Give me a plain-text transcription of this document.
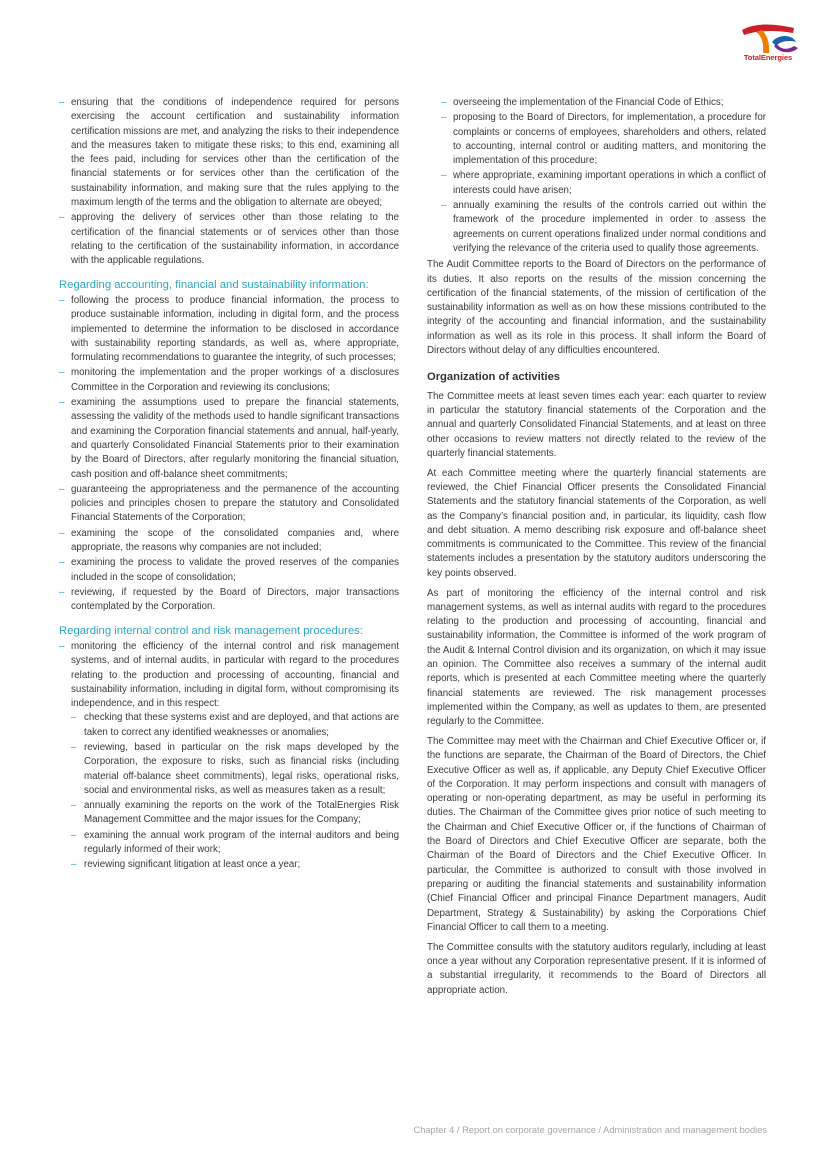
TotalEnergies
– ensuring that the conditions of independence required for persons exercising the account certification and sustainability information certification missions are met, and analyzing the risks to their independence and the measures taken to mitigate these risks; to this end, examining all the fees paid, including for services other than the certification of the financial statements or for services other than the certification of the sustainability information, and making sure that the rules applying to the maximum length of the terms and the obligation to alternate are obeyed;
– approving the delivery of services other than those relating to the certification of the financial statements or of services other than those relating to the certification of the sustainability information, in accordance with the applicable regulations.
Regarding accounting, financial and sustainability information:
– following the process to produce financial information, the process to produce sustainable information, including in digital form, and the process implemented to determine the information to be disclosed in accordance with sustainability reporting standards, as well as, where appropriate, formulating recommendations to guarantee the integrity, of such processes;
– monitoring the implementation and the proper workings of a disclosures Committee in the Corporation and reviewing its conclusions;
– examining the assumptions used to prepare the financial statements, assessing the validity of the methods used to handle significant transactions and examining the Corporation financial statements and annual, half-yearly, and quarterly Consolidated Financial Statements prior to their examination by the Board of Directors, after regularly monitoring the financial situation, cash position and off-balance sheet commitments;
– guaranteeing the appropriateness and the permanence of the accounting policies and principles chosen to prepare the statutory and Consolidated Financial Statements of the Corporation;
– examining the scope of the consolidated companies and, where appropriate, the reasons why companies are not included;
– examining the process to validate the proved reserves of the companies included in the scope of consolidation;
– reviewing, if requested by the Board of Directors, major transactions contemplated by the Corporation.
Regarding internal control and risk management procedures:
– monitoring the efficiency of the internal control and risk management systems, and of internal audits, in particular with regard to the procedures relating to the production and processing of accounting, financial and sustainability information, including in digital form, without compromising its independence, and in this respect:
– checking that these systems exist and are deployed, and that actions are taken to correct any identified weaknesses or anomalies;
– reviewing, based in particular on the risk maps developed by the Corporation, the exposure to risks, such as financial risks (including material off-balance sheet commitments), legal risks, operational risks, social and environmental risks, as well as measures taken as a result;
– annually examining the reports on the work of the TotalEnergies Risk Management Committee and the major issues for the Company;
– examining the annual work program of the internal auditors and being regularly informed of their work;
– reviewing significant litigation at least once a year;
– overseeing the implementation of the Financial Code of Ethics;
– proposing to the Board of Directors, for implementation, a procedure for complaints or concerns of employees, shareholders and others, related to accounting, internal control or auditing matters, and monitoring the implementation of this procedure;
– where appropriate, examining important operations in which a conflict of interests could have arisen;
– annually examining the results of the controls carried out within the framework of the procedure implemented in order to assess the agreements on current operations finalized under normal conditions and verifying the relevance of the criteria used to qualify those agreements.

The Audit Committee reports to the Board of Directors on the performance of its duties. It also reports on the results of the mission concerning the certification of the financial statements, of the mission of certification of the sustainability information as well as on how these missions contributed to the integrity of the accounting and financial information, and the sustainability information as well as its role in this process. It shall inform the Board of Directors without delay of any difficulties encountered.

Organization of activities

The Committee meets at least seven times each year: each quarter to review in particular the statutory financial statements of the Corporation and the annual and quarterly Consolidated Financial Statements, and at least on three other occasions to review matters not directly related to the review of the quarterly financial statements.

At each Committee meeting where the quarterly financial statements are reviewed, the Chief Financial Officer presents the Consolidated Financial Statements and the statutory financial statements of the Corporation, as well as the Company’s financial position and, in particular, its liquidity, cash flow and debt situation. A memo describing risk exposure and off-balance sheet commitments is communicated to the Committee. This review of the financial statements includes a presentation by the statutory auditors underscoring the key points observed.

As part of monitoring the efficiency of the internal control and risk management systems, as well as internal audits with regard to the procedures relating to the production and processing of accounting, financial and sustainability information, the Committee is informed of the work program of the Audit & Internal Control division and its organization, on which it may issue an opinion. The Committee also receives a summary of the internal audit reports, which is presented at each Committee meeting where the quarterly financial statements are reviewed. The risk management processes implemented within the Company, as well as updates to them, are presented regularly to the Committee.

The Committee may meet with the Chairman and Chief Executive Officer or, if the functions are separate, the Chairman of the Board of Directors, the Chief Executive Officer as well as, if applicable, any Deputy Chief Executive Officer of the Corporation. It may perform inspections and consult with managers of operating or non-operating department, as may be useful in performing its duties. The Chairman of the Committee gives prior notice of such meeting to the Chairman and Chief Executive Officer or, if the functions of Chairman of the Board of Directors and Chief Executive Officer are separate, both the Chairman of the Board of Directors and the Chief Executive Officer. In particular, the Committee is authorized to consult with those involved in preparing or auditing the financial statements and sustainability information (Chief Financial Officer and principal Finance Department managers, Audit Department, Strategy & Sustainability) by asking the Corporations Chief Financial Officer to call them to a meeting.

The Committee consults with the statutory auditors regularly, including at least once a year without any Corporation representative present. If it is informed of a substantial irregularity, it recommends to the Board of Directors all appropriate action.

Chapter 4 / Report on corporate governance / Administration and management bodies
